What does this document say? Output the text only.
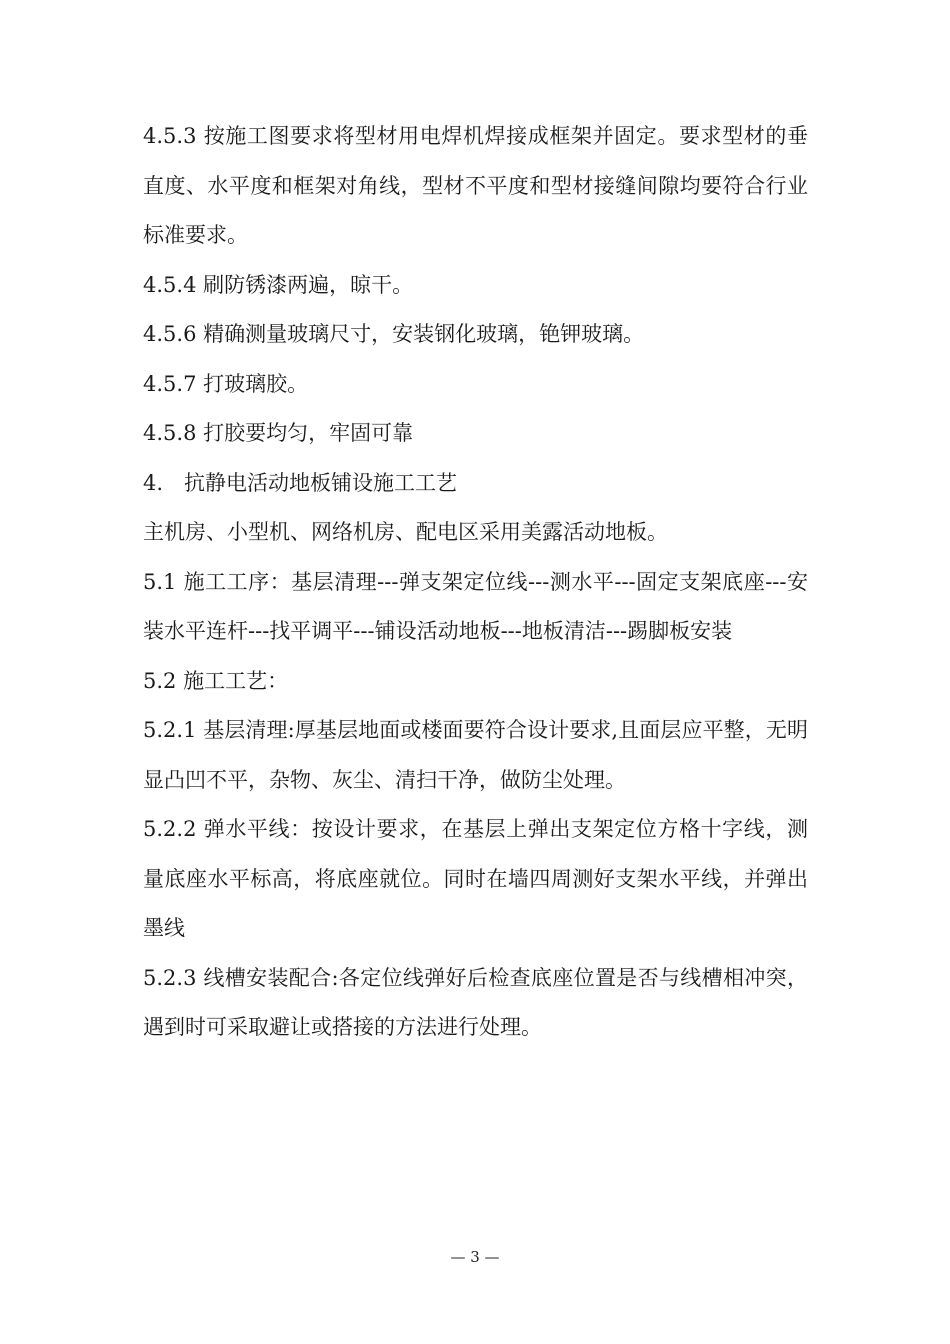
4.5.3 按施工图要求将型材用电焊机焊接成框架并固定。要求型材的垂直度、水平度和框架对角线，型材不平度和型材接缝间隙均要符合行业标准要求。

4.5.4 刷防锈漆两遍，晾干。

4.5.6 精确测量玻璃尺寸，安装钢化玻璃，铯钾玻璃。

4.5.7 打玻璃胶。

4.5.8 打胶要均匀，牢固可靠

4.　抗静电活动地板铺设施工工艺

主机房、小型机、网络机房、配电区采用美露活动地板。

5.1 施工工序：基层清理---弹支架定位线---测水平---固定支架底座---安装水平连杆---找平调平---铺设活动地板---地板清洁---踢脚板安装

5.2 施工工艺：

5.2.1 基层清理:厚基层地面或楼面要符合设计要求,且面层应平整，无明显凸凹不平，杂物、灰尘、清扫干净，做防尘处理。

5.2.2 弹水平线：按设计要求，在基层上弹出支架定位方格十字线，测量底座水平标高，将底座就位。同时在墙四周测好支架水平线，并弹出墨线

5.2.3 线槽安装配合:各定位线弹好后检查底座位置是否与线槽相冲突，遇到时可采取避让或搭接的方法进行处理。

— 3 —
